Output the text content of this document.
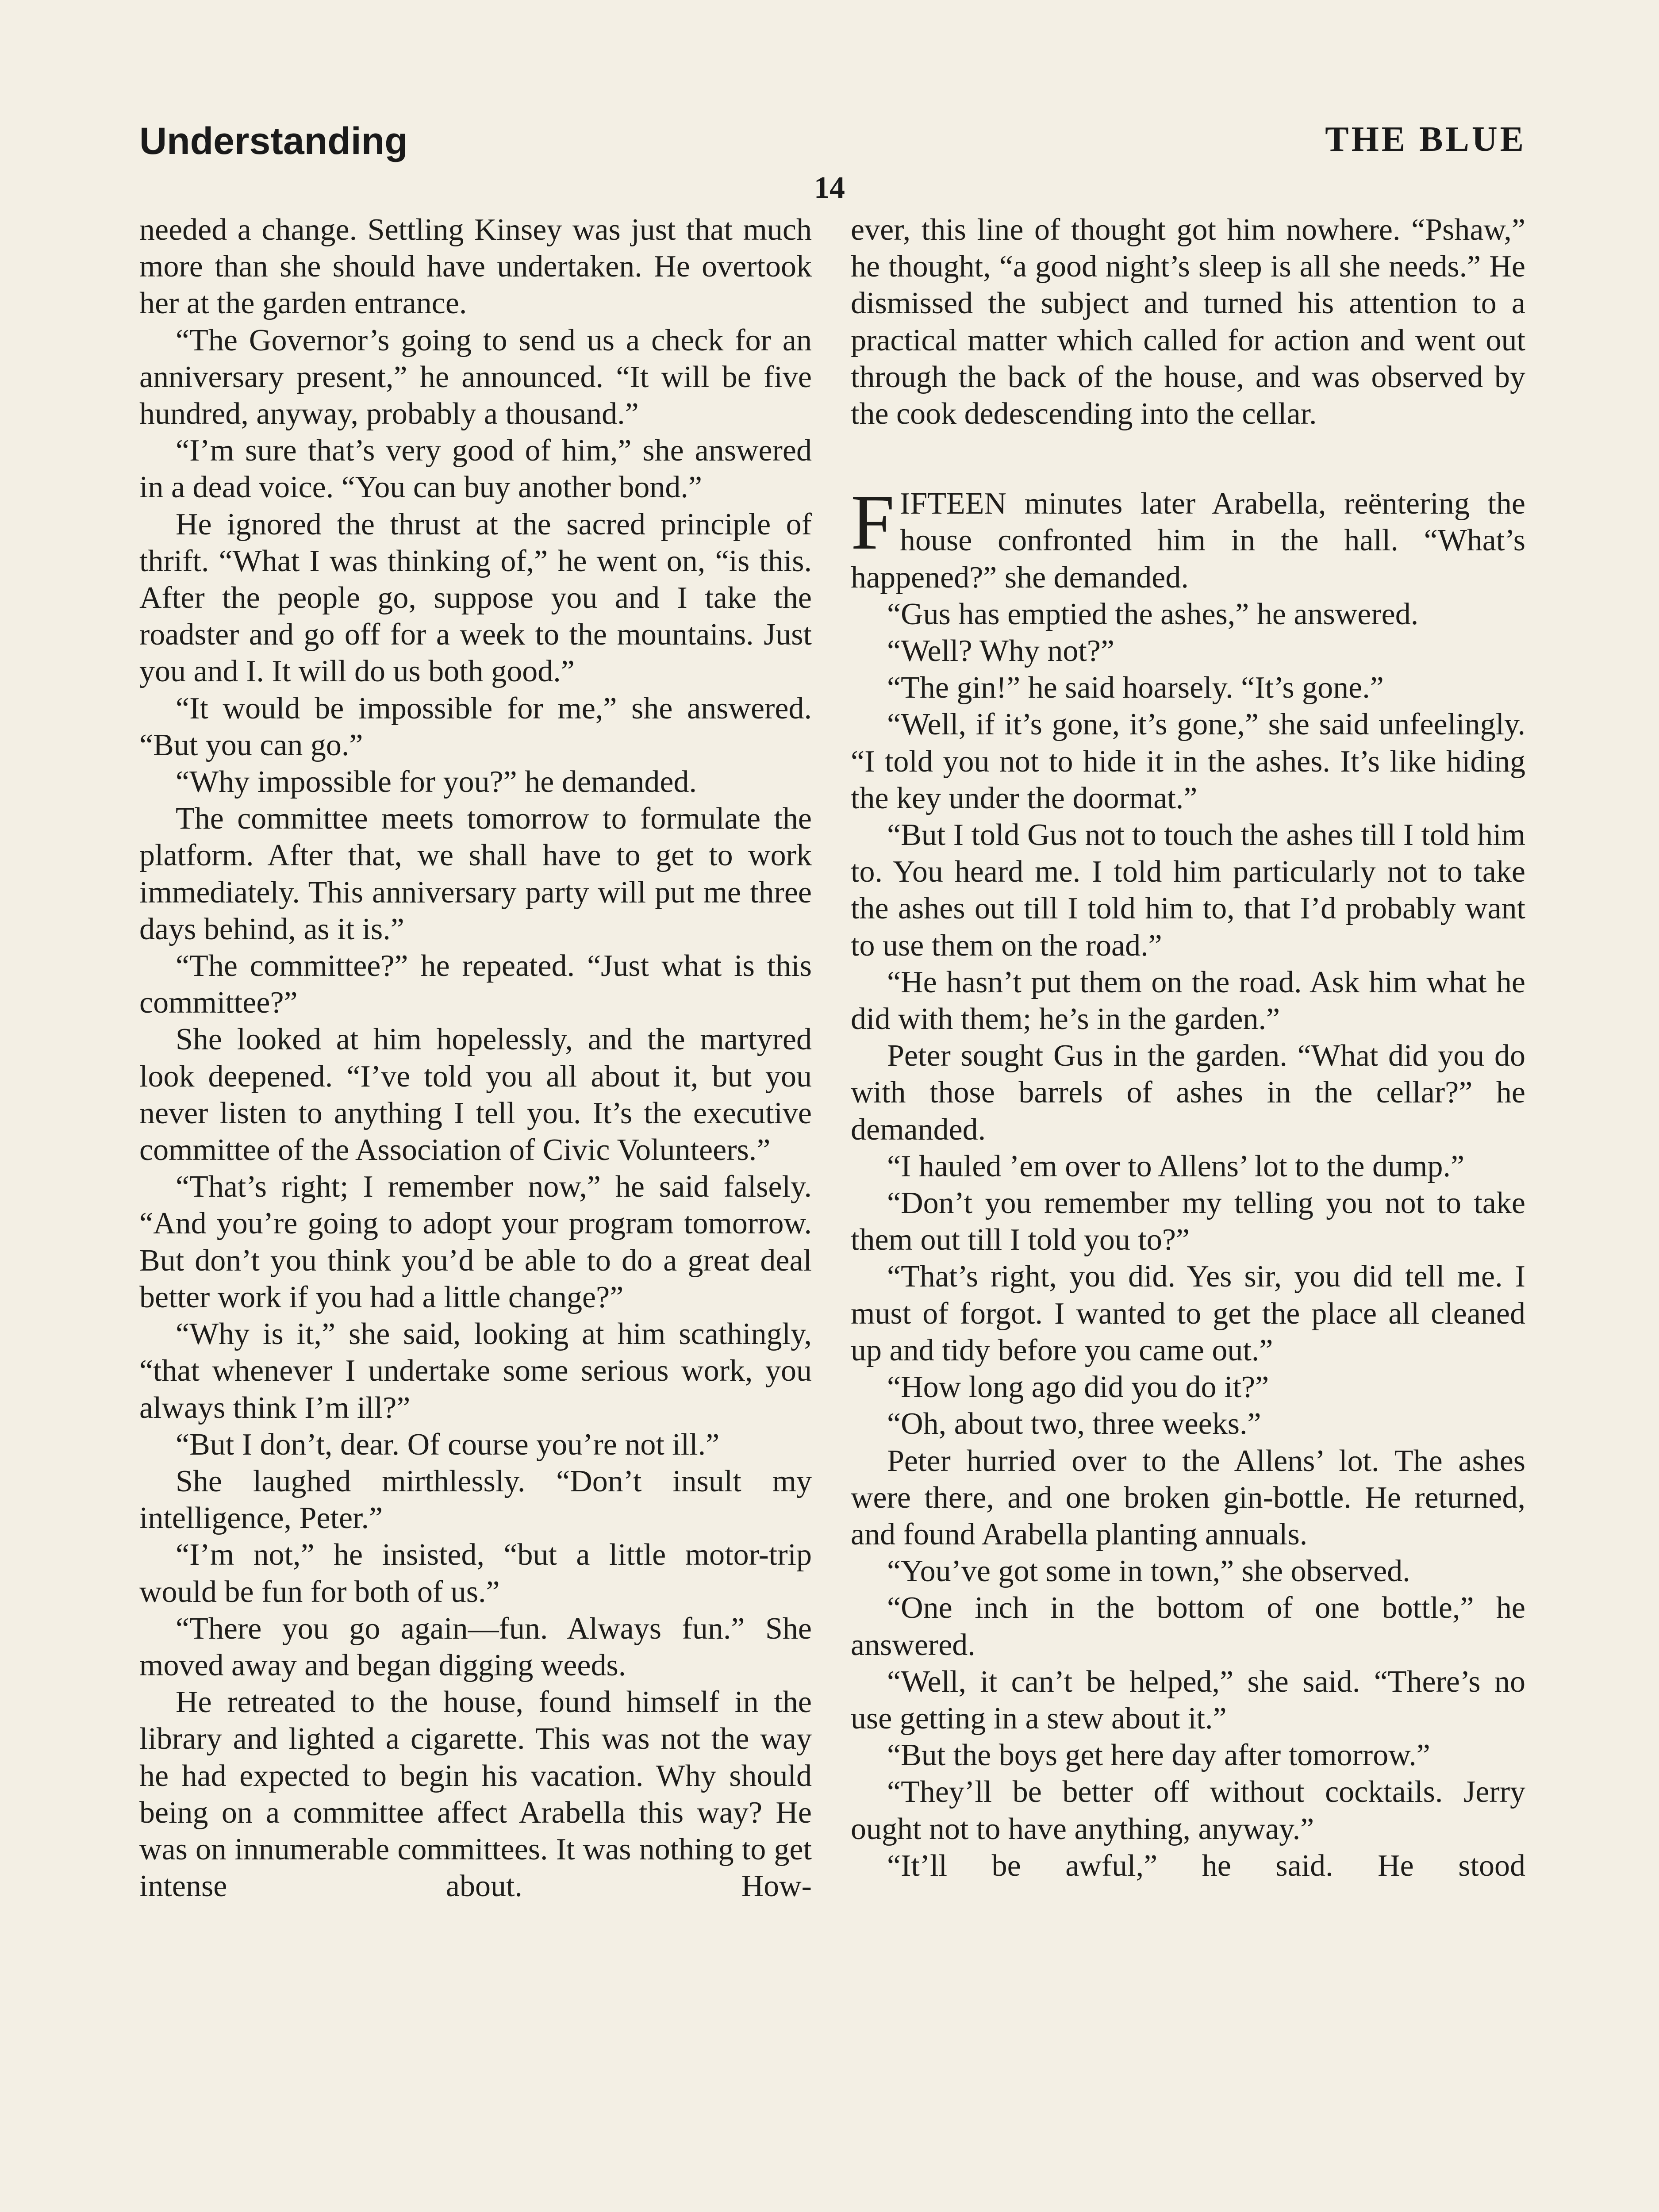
Understanding	THE BLUE
14

needed a change. Settling Kinsey was just that much more than she should have undertaken. He overtook her at the garden entrance.

“The Governor’s going to send us a check for an anniversary present,” he announced. “It will be five hundred, anyway, probably a thousand.”

“I’m sure that’s very good of him,” she answered in a dead voice. “You can buy another bond.”

He ignored the thrust at the sacred principle of thrift. “What I was thinking of,” he went on, “is this. After the people go, suppose you and I take the roadster and go off for a week to the mountains. Just you and I. It will do us both good.”

“It would be impossible for me,” she answered. “But you can go.”

“Why impossible for you?” he demanded.

The committee meets tomorrow to formulate the platform. After that, we shall have to get to work immediately. This anniversary party will put me three days behind, as it is.”

“The committee?” he repeated. “Just what is this committee?”

She looked at him hopelessly, and the martyred look deepened. “I’ve told you all about it, but you never listen to anything I tell you. It’s the executive committee of the Association of Civic Volunteers.”

“That’s right; I remember now,” he said falsely. “And you’re going to adopt your program tomorrow. But don’t you think you’d be able to do a great deal better work if you had a little change?”

“Why is it,” she said, looking at him scathingly, “that whenever I undertake some serious work, you always think I’m ill?”

“But I don’t, dear. Of course you’re not ill.”

She laughed mirthlessly. “Don’t insult my intelligence, Peter.”

“I’m not,” he insisted, “but a little motor-trip would be fun for both of us.”

“There you go again—fun. Always fun.” She moved away and began digging weeds.

He retreated to the house, found himself in the library and lighted a cigarette. This was not the way he had expected to begin his vacation. Why should being on a committee affect Arabella this way? He was on innumerable committees. It was nothing to get intense about. How-

ever, this line of thought got him nowhere. “Pshaw,” he thought, “a good night’s sleep is all she needs.” He dismissed the subject and turned his attention to a practical matter which called for action and went out through the back of the house, and was observed by the cook dedescending into the cellar.

FIFTEEN minutes later Arabella, reëntering the house confronted him in the hall. “What’s happened?” she demanded.

“Gus has emptied the ashes,” he answered.

“Well? Why not?”

“The gin!” he said hoarsely. “It’s gone.”

“Well, if it’s gone, it’s gone,” she said unfeelingly. “I told you not to hide it in the ashes. It’s like hiding the key under the doormat.”

“But I told Gus not to touch the ashes till I told him to. You heard me. I told him particularly not to take the ashes out till I told him to, that I’d probably want to use them on the road.”

“He hasn’t put them on the road. Ask him what he did with them; he’s in the garden.”

Peter sought Gus in the garden. “What did you do with those barrels of ashes in the cellar?” he demanded.

“I hauled ’em over to Allens’ lot to the dump.”

“Don’t you remember my telling you not to take them out till I told you to?”

“That’s right, you did. Yes sir, you did tell me. I must of forgot. I wanted to get the place all cleaned up and tidy before you came out.”

“How long ago did you do it?”

“Oh, about two, three weeks.”

Peter hurried over to the Allens’ lot. The ashes were there, and one broken gin-bottle. He returned, and found Arabella planting annuals.

“You’ve got some in town,” she observed.

“One inch in the bottom of one bottle,” he answered.

“Well, it can’t be helped,” she said. “There’s no use getting in a stew about it.”

“But the boys get here day after tomorrow.”

“They’ll be better off without cocktails. Jerry ought not to have anything, anyway.”

“It’ll be awful,” he said. He stood
